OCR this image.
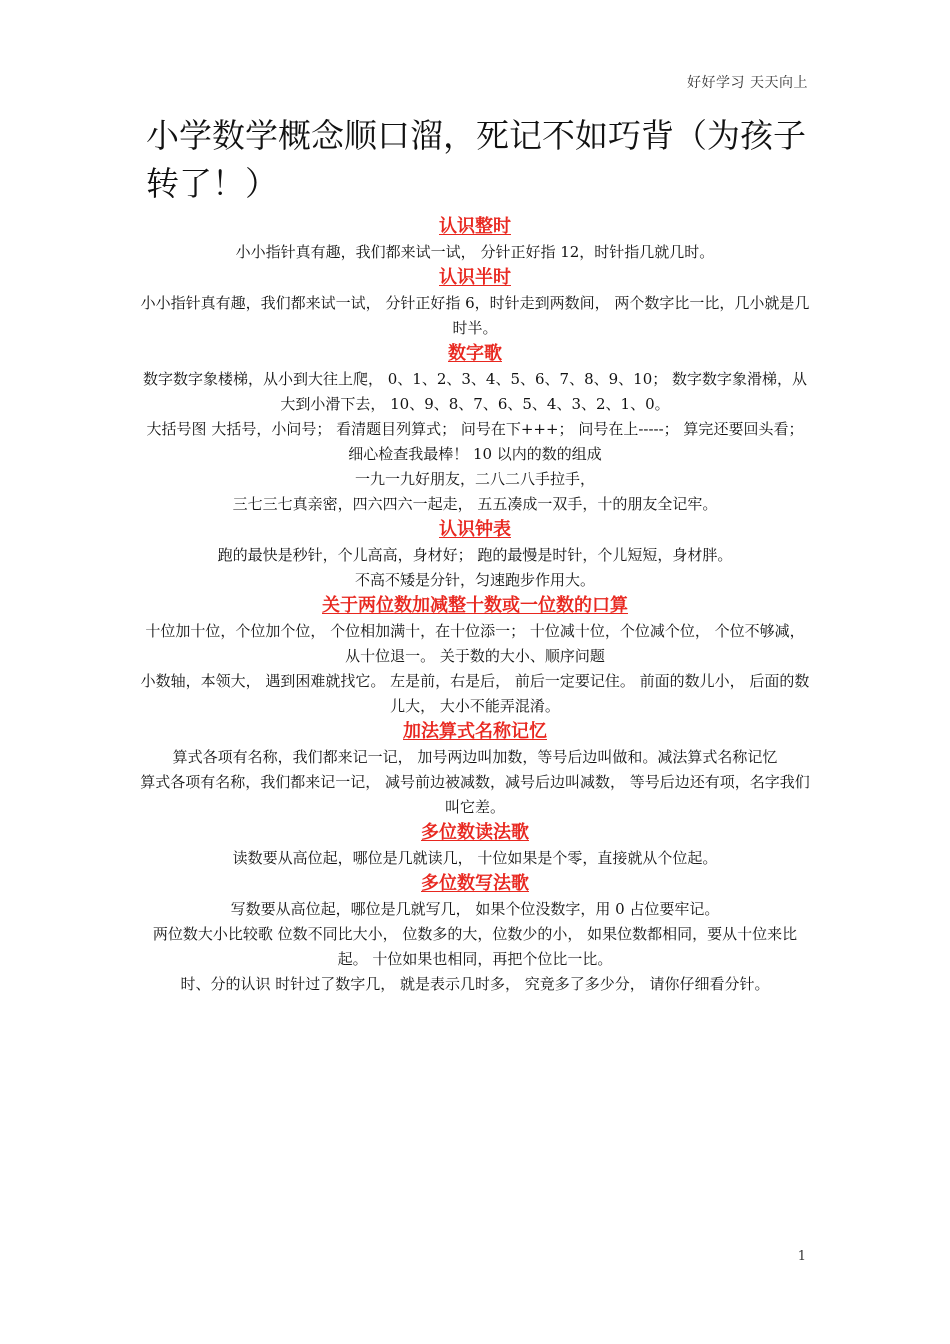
好好学习 天天向上
小学数学概念顺口溜，死记不如巧背（为孩子转了！）
认识整时

小小指针真有趣，我们都来试一试， 分针正好指 12，时针指几就几时。

认识半时

小小指针真有趣，我们都来试一试， 分针正好指 6，时针走到两数间， 两个数字比一比，几小就是几时半。

数字歌

数字数字象楼梯，从小到大往上爬， 0、1、2、3、4、5、6、7、8、9、10； 数字数字象滑梯，从大到小滑下去， 10、9、8、7、6、5、4、3、2、1、0。

大括号图 大括号，小问号； 看清题目列算式； 问号在下+++； 问号在上-----； 算完还要回头看； 细心检查我最棒！ 10 以内的数的组成

一九一九好朋友，二八二八手拉手，

三七三七真亲密，四六四六一起走， 五五凑成一双手，十的朋友全记牢。

认识钟表

跑的最快是秒针，个儿高高，身材好； 跑的最慢是时针，个儿短短，身材胖。

不高不矮是分针，匀速跑步作用大。

关于两位数加减整十数或一位数的口算

十位加十位，个位加个位， 个位相加满十，在十位添一； 十位减十位，个位减个位， 个位不够减，从十位退一。 关于数的大小、顺序问题

小数轴，本领大， 遇到困难就找它。 左是前，右是后， 前后一定要记住。 前面的数儿小， 后面的数儿大， 大小不能弄混淆。

加法算式名称记忆

算式各项有名称，我们都来记一记， 加号两边叫加数，等号后边叫做和。减法算式名称记忆

算式各项有名称，我们都来记一记， 减号前边被减数，减号后边叫减数， 等号后边还有项，名字我们叫它差。

多位数读法歌

读数要从高位起，哪位是几就读几， 十位如果是个零，直接就从个位起。

多位数写法歌

写数要从高位起，哪位是几就写几， 如果个位没数字，用 0 占位要牢记。

两位数大小比较歌 位数不同比大小， 位数多的大，位数少的小， 如果位数都相同，要从十位来比起。 十位如果也相同，再把个位比一比。

时、分的认识 时针过了数字几， 就是表示几时多， 究竟多了多少分， 请你仔细看分针。

1
